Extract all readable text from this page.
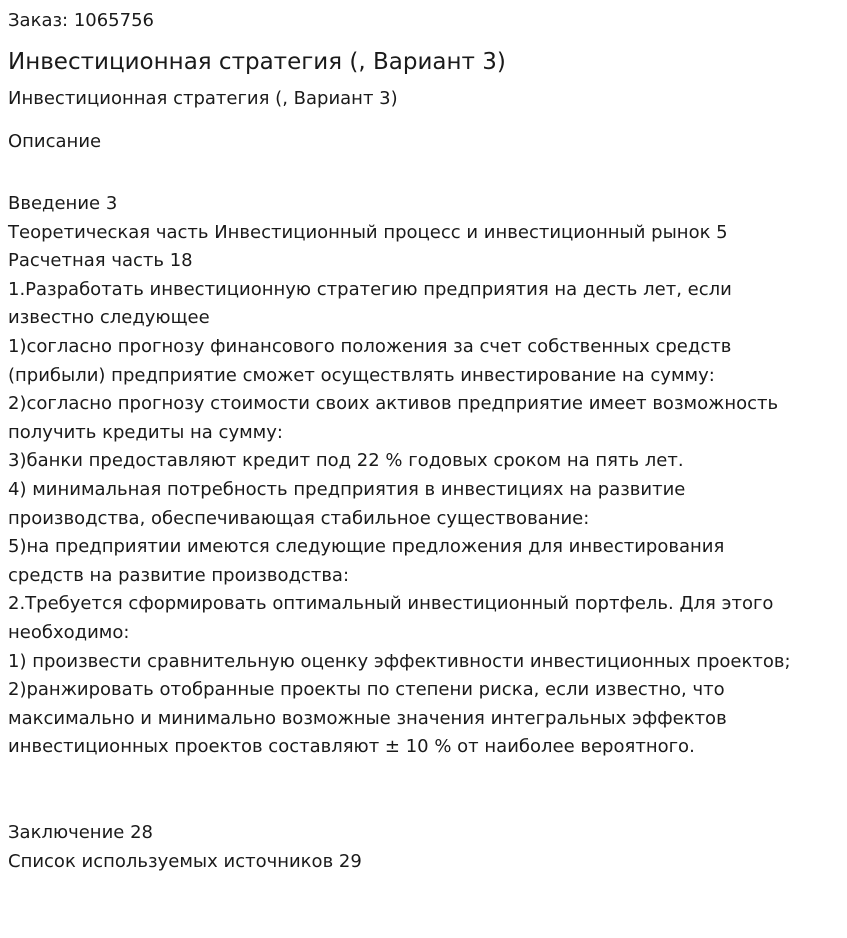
Заказ: 1065756
Инвестиционная стратегия (, Вариант 3)
Инвестиционная стратегия (, Вариант 3)
Описание
Введение 3
Теоретическая часть Инвестиционный процесс и инвестиционный рынок 5
Расчетная часть 18
1.Разработать инвестиционную стратегию предприятия на десть лет, если
известно следующее
1)согласно прогнозу финансового положения за счет собственных средств
(прибыли) предприятие сможет осуществлять инвестирование на сумму:
2)согласно прогнозу стоимости своих активов предприятие имеет возможность
получить кредиты на сумму:
3)банки предоставляют кредит под 22 % годовых сроком на пять лет.
4) минимальная потребность предприятия в инвестициях на развитие
производства, обеспечивающая стабильное существование:
5)на предприятии имеются следующие предложения для инвестирования
средств на развитие производства:
2.Требуется сформировать оптимальный инвестиционный портфель. Для этого
необходимо:
1) произвести сравнительную оценку эффективности инвестиционных проектов;
2)ранжировать отобранные проекты по степени риска, если известно, что
максимально и минимально возможные значения интегральных эффектов
инвестиционных проектов составляют ± 10 % от наиболее вероятного.
Заключение 28
Список используемых источников 29
